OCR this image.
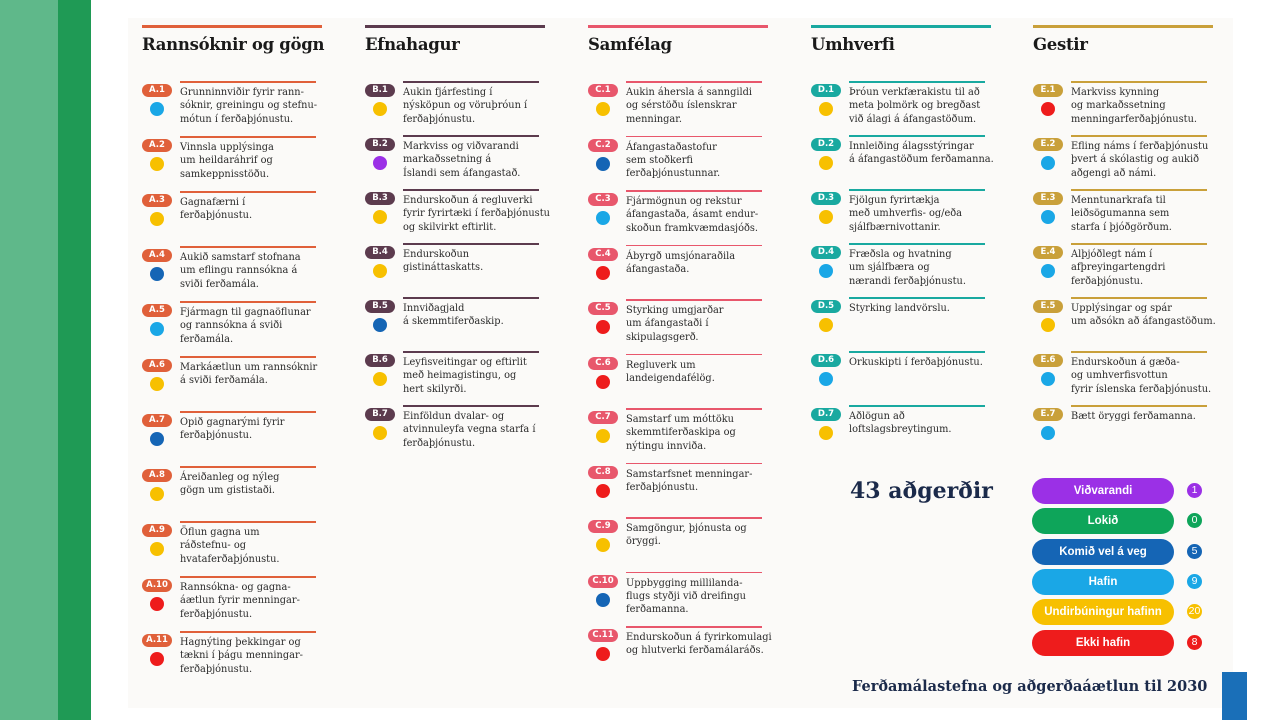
Rannsóknir og gögn
A.1	Grunninnviðir fyrir rann-
sóknir, greiningu og stefnu-
mótun í ferðaþjónustu.
A.2	Vinnsla upplýsinga
um heildaráhrif og
samkeppnisstöðu.
A.3	Gagnafærni í
ferðaþjónustu.
A.4	Aukið samstarf stofnana
um eflingu rannsókna á
sviði ferðamála.
A.5	Fjármagn til gagnaöflunar
og rannsókna á sviði
ferðamála.
A.6	Markáætlun um rannsóknir
á sviði ferðamála.
A.7	Opið gagnarými fyrir
ferðaþjónustu.
A.8	Áreiðanleg og nýleg
gögn um gististaði.
A.9	Öflun gagna um
ráðstefnu- og
hvataferðaþjónustu.
A.10	Rannsókna- og gagna-
áætlun fyrir menningar-
ferðaþjónustu.
A.11	Hagnýting þekkingar og
tækni í þágu menningar-
ferðaþjónustu.
Efnahagur
B.1	Aukin fjárfesting í
nýsköpun og vöruþróun í
ferðaþjónustu.
B.2	Markviss og viðvarandi
markaðssetning á
Íslandi sem áfangastað.
B.3	Endurskoðun á regluverki
fyrir fyrirtæki í ferðaþjónustu
og skilvirkt eftirlit.
B.4	Endurskoðun
gistináttaskatts.
B.5	Innviðagjald
á skemmtiferðaskip.
B.6	Leyfisveitingar og eftirlit
með heimagistingu, og
hert skilyrði.
B.7	Einföldun dvalar- og
atvinnuleyfa vegna starfa í
ferðaþjónustu.
Samfélag
C.1	Aukin áhersla á sanngildi
og sérstöðu íslenskrar
menningar.
C.2	Áfangastaðastofur
sem stoðkerfi
ferðaþjónustunnar.
C.3	Fjármögnun og rekstur
áfangastaða, ásamt endur-
skoðun framkvæmdasjóðs.
C.4	Ábyrgð umsjónaraðila
áfangastaða.
C.5	Styrking umgjarðar
um áfangastaði í
skipulagsgerð.
C.6	Regluverk um
landeigendafélög.
C.7	Samstarf um móttöku
skemmtiferðaskipa og
nýtingu innviða.
C.8	Samstarfsnet menningar-
ferðaþjónustu.
C.9	Samgöngur, þjónusta og
öryggi.
C.10	Uppbygging millilanda-
flugs styðji við dreifingu
ferðamanna.
C.11	Endurskoðun á fyrirkomulagi
og hlutverki ferðamálaráðs.
Umhverfi
D.1	Þróun verkfærakistu til að
meta þolmörk og bregðast
við álagi á áfangastöðum.
D.2	Innleiðing álagsstýringar
á áfangastöðum ferðamanna.
D.3	Fjölgun fyrirtækja
með umhverfis- og/eða
sjálfbærnivottanir.
D.4	Fræðsla og hvatning
um sjálfbæra og
nærandi ferðaþjónustu.
D.5	Styrking landvörslu.
D.6	Orkuskipti í ferðaþjónustu.
D.7	Aðlögun að
loftslagsbreytingum.
Gestir
E.1	Markviss kynning
og markaðssetning
menningarferðaþjónustu.
E.2	Efling náms í ferðaþjónustu
þvert á skólastig og aukið
aðgengi að námi.
E.3	Menntunarkrafa til
leiðsögumanna sem
starfa í þjóðgörðum.
E.4	Alþjóðlegt nám í
afþreyingartengdri
ferðaþjónustu.
E.5	Upplýsingar og spár
um aðsókn að áfangastöðum.
E.6	Endurskoðun á gæða-
og umhverfisvottun
fyrir íslenska ferðaþjónustu.
E.7	Bætt öryggi ferðamanna.
43 aðgerðir	Viðvarandi	1
Lokið	0
Komið vel á veg	5
Hafin	9
Undirbúningur hafinn	20
Ekki hafin	8
Ferðamálastefna og aðgerðaáætlun til 2030
